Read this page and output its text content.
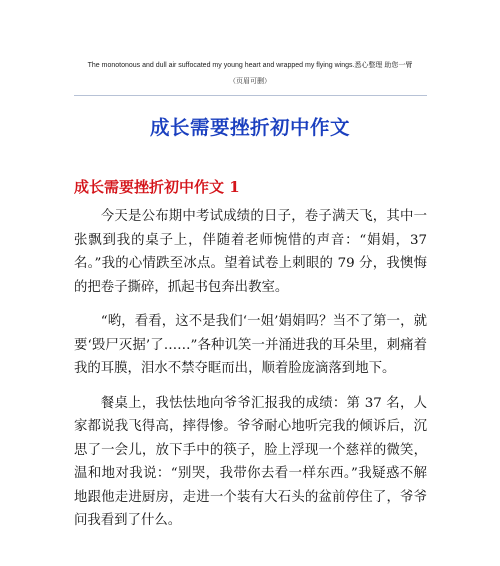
The monotonous and dull air suffocated my young heart and wrapped my flying wings.悉心整理 助您一臂
（页眉可删）
成长需要挫折初中作文
成长需要挫折初中作文 1

今天是公布期中考试成绩的日子，卷子满天飞，其中一张飘到我的桌子上，伴随着老师惋惜的声音：“娟娟，37 名。”我的心情跌至冰点。望着试卷上刺眼的 79 分，我懊悔的把卷子撕碎，抓起书包奔出教室。

“哟，看看，这不是我们‘一姐’娟娟吗？当不了第一，就要‘毁尸灭据’了……”各种讥笑一并涌进我的耳朵里，刺痛着我的耳膜，泪水不禁夺眶而出，顺着脸庞滴落到地下。

餐桌上，我怯怯地向爷爷汇报我的成绩：第 37 名，人家都说我飞得高，摔得惨。爷爷耐心地听完我的倾诉后，沉思了一会儿，放下手中的筷子，脸上浮现一个慈祥的微笑，温和地对我说：“别哭，我带你去看一样东西。”我疑惑不解地跟他走进厨房，走进一个装有大石头的盆前停住了，爷爷问我看到了什么。
